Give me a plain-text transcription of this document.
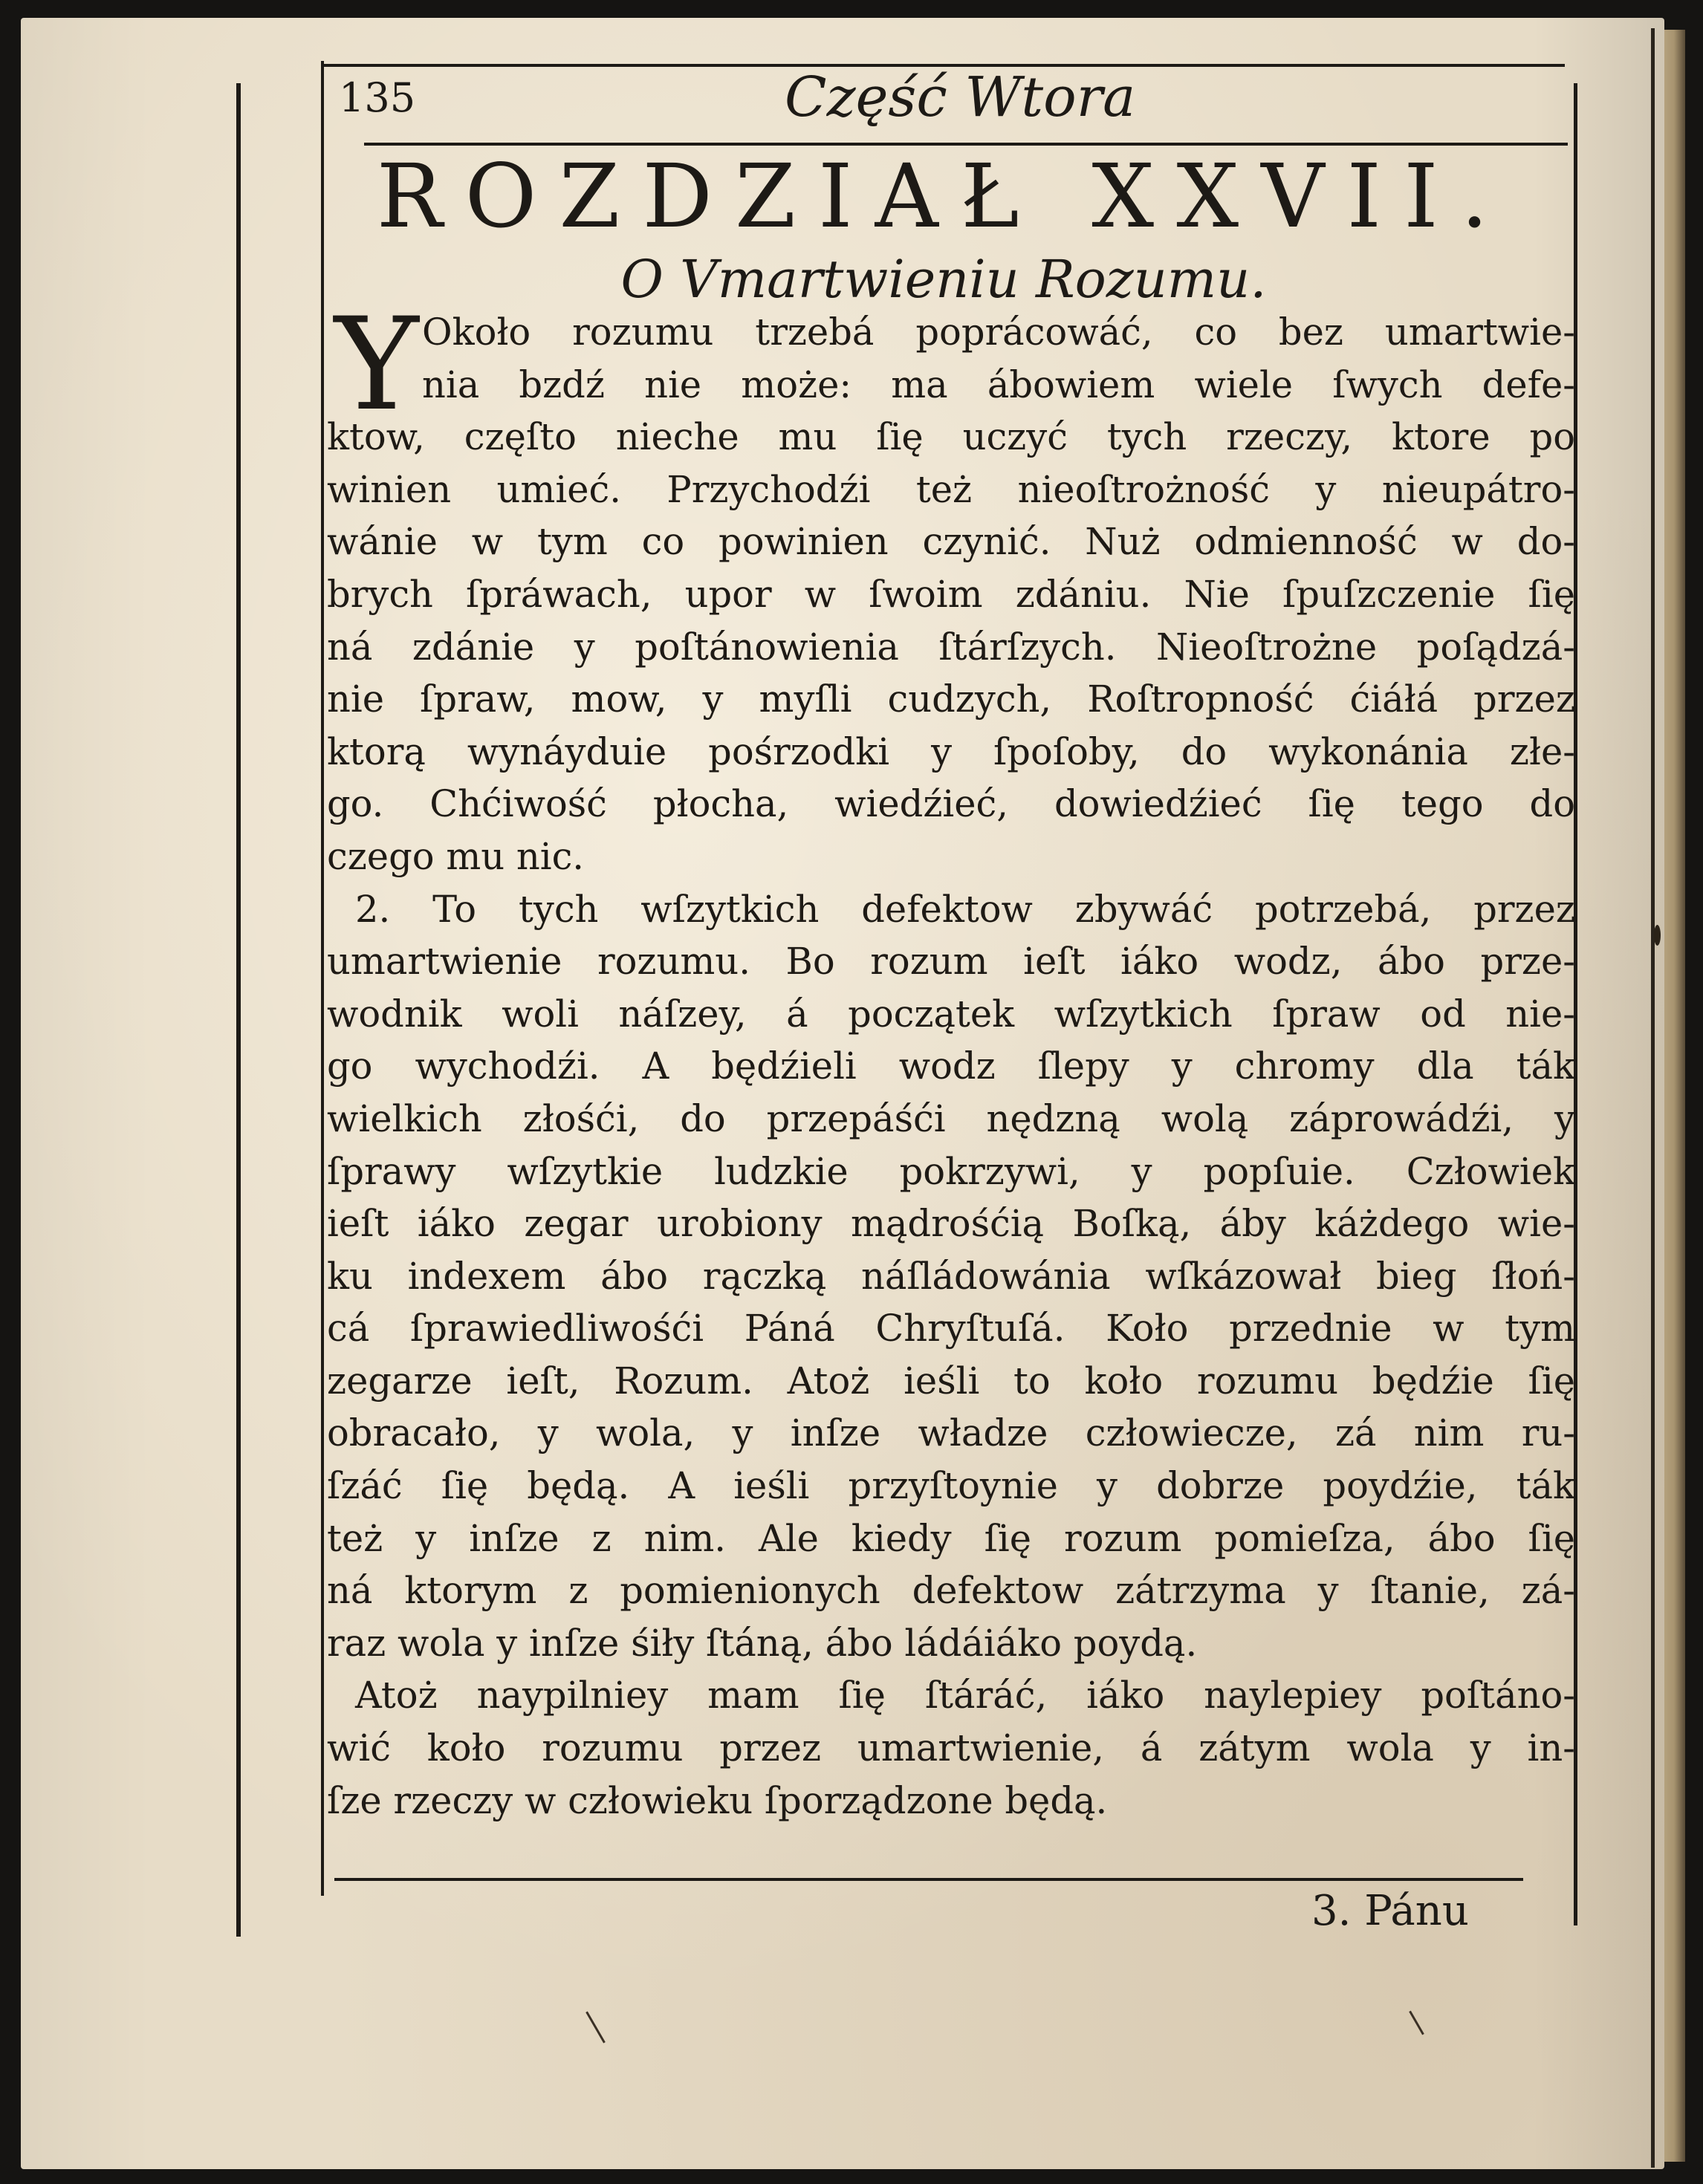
135	Część Wtora
ROZDZIAŁ XXVII.
O Vmartwieniu Rozumu.
Y Około rozumu trzebá poprácowáć, co bez umartwie-
nia bzdź nie może: ma ábowiem wiele ſwych defe-
ktow, częſto nieche mu ſię uczyć tych rzeczy, ktore po
winien umieć. Przychodźi też nieoſtrożność y nieupátro-
wánie w tym co powinien czynić. Nuż odmienność w do-
brych ſpráwach, upor w ſwoim zdániu. Nie ſpuſzczenie ſię
ná zdánie y poſtánowienia ſtárſzych. Nieoſtrożne poſądzá-
nie ſpraw, mow, y myſli cudzych, Roſtropność ćiáłá przez
ktorą wynáyduie pośrzodki y ſpoſoby, do wykonánia złe-
go. Chćiwość płocha, wiedźieć, dowiedźieć ſię tego do
czego mu nic.
2. To tych wſzytkich defektow zbywáć potrzebá, przez
umartwienie rozumu. Bo rozum ieſt iáko wodz, ábo prze-
wodnik woli náſzey, á początek wſzytkich ſpraw od nie-
go wychodźi. A będźieli wodz ſlepy y chromy dla ták
wielkich złośći, do przepáśći nędzną wolą záprowádźi, y
ſprawy wſzytkie ludzkie pokrzywi, y popſuie. Człowiek
ieſt iáko zegar urobiony mądrośćią Boſką, áby káżdego wie-
ku indexem ábo rączką náſládowánia wſkázował bieg ſłoń-
cá ſprawiedliwośći Páná Chryſtuſá. Koło przednie w tym
zegarze ieſt, Rozum. Atoż ieśli to koło rozumu będźie ſię
obracało, y wola, y inſze władze człowiecze, zá nim ru-
ſzáć ſię będą. A ieśli przyſtoynie y dobrze poydźie, ták
też y inſze z nim. Ale kiedy ſię rozum pomieſza, ábo ſię
ná ktorym z pomienionych defektow zátrzyma y ſtanie, zá-
raz wola y inſze śiły ſtáną, ábo ládáiáko poydą.
Atoż naypilniey mam ſię ſtáráć, iáko naylepiey poſtáno-
wić koło rozumu przez umartwienie, á zátym wola y in-
ſze rzeczy w człowieku ſporządzone będą.
3. Pánu
